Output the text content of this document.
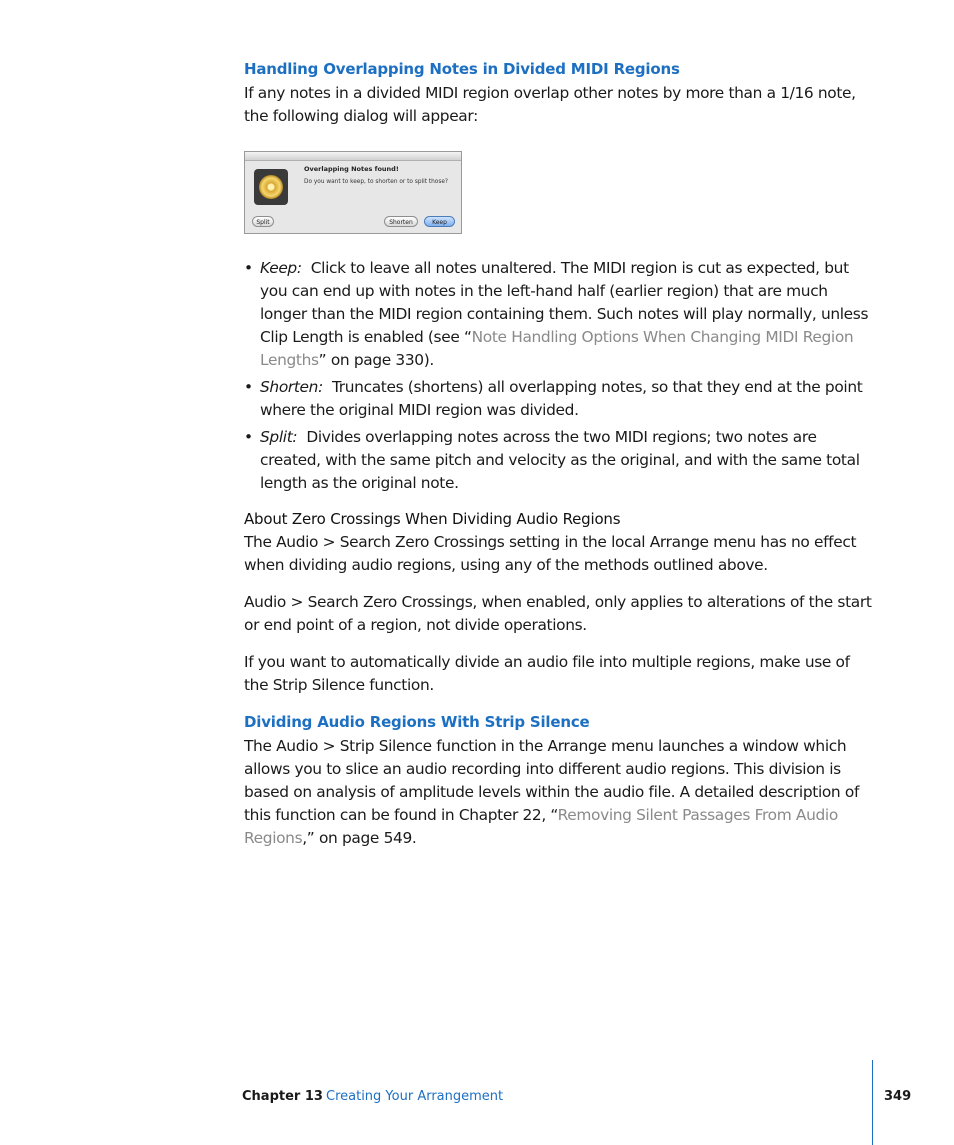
Handling Overlapping Notes in Divided MIDI Regions

If any notes in a divided MIDI region overlap other notes by more than a 1/16 note, the following dialog will appear:

Overlapping Notes found!
Do you want to keep, to shorten or to split those?
Split	Shorten	Keep
• Keep: Click to leave all notes unaltered. The MIDI region is cut as expected, but you can end up with notes in the left-hand half (earlier region) that are much longer than the MIDI region containing them. Such notes will play normally, unless Clip Length is enabled (see “Note Handling Options When Changing MIDI Region Lengths” on page 330).
• Shorten: Truncates (shortens) all overlapping notes, so that they end at the point where the original MIDI region was divided.
• Split: Divides overlapping notes across the two MIDI regions; two notes are created, with the same pitch and velocity as the original, and with the same total length as the original note.
About Zero Crossings When Dividing Audio Regions

The Audio > Search Zero Crossings setting in the local Arrange menu has no effect when dividing audio regions, using any of the methods outlined above.

Audio > Search Zero Crossings, when enabled, only applies to alterations of the start or end point of a region, not divide operations.

If you want to automatically divide an audio file into multiple regions, make use of the Strip Silence function.

Dividing Audio Regions With Strip Silence

The Audio > Strip Silence function in the Arrange menu launches a window which allows you to slice an audio recording into different audio regions. This division is based on analysis of amplitude levels within the audio file. A detailed description of this function can be found in Chapter 22, “Removing Silent Passages From Audio Regions,” on page 549.

Chapter 13 Creating Your Arrangement	349
